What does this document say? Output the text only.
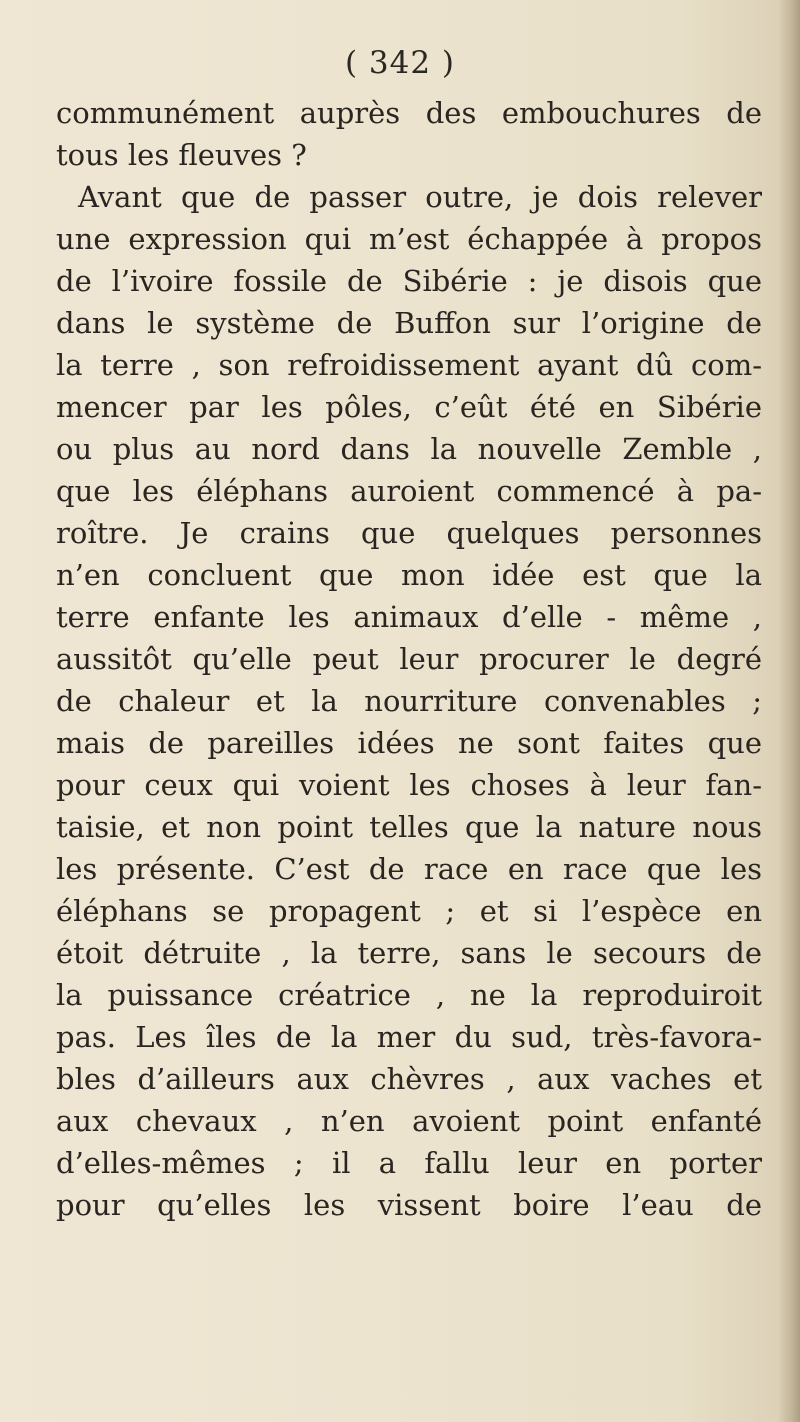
( 342 )
communément auprès des embouchures de
tous les fleuves ?
Avant que de passer outre, je dois relever
une expression qui m’est échappée à propos
de l’ivoire fossile de Sibérie : je disois que
dans le système de Buffon sur l’origine de
la terre , son refroidissement ayant dû com-
mencer par les pôles, c’eût été en Sibérie
ou plus au nord dans la nouvelle Zemble ,
que les éléphans auroient commencé à pa-
roître. Je crains que quelques personnes
n’en concluent que mon idée est que la
terre enfante les animaux d’elle - même ,
aussitôt qu’elle peut leur procurer le degré
de chaleur et la nourriture convenables ;
mais de pareilles idées ne sont faites que
pour ceux qui voient les choses à leur fan-
taisie, et non point telles que la nature nous
les présente. C’est de race en race que les
éléphans se propagent ; et si l’espèce en
étoit détruite , la terre, sans le secours de
la puissance créatrice , ne la reproduiroit
pas. Les îles de la mer du sud, très-favora-
bles d’ailleurs aux chèvres , aux vaches et
aux chevaux , n’en avoient point enfanté
d’elles-mêmes ; il a fallu leur en porter
pour qu’elles les vissent boire l’eau de
